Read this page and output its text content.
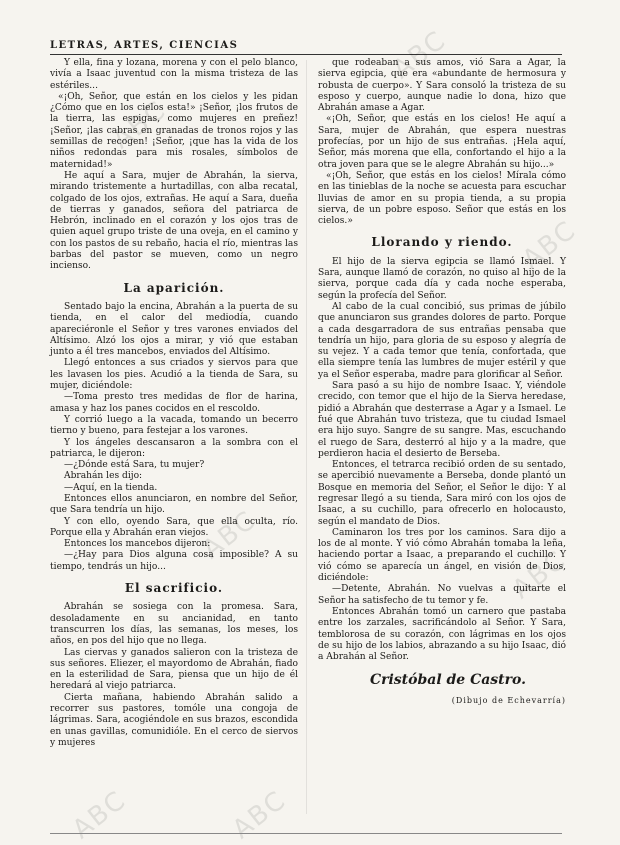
LETRAS, ARTES, CIENCIAS

Y ella, fina y lozana, morena y con el pelo blanco, vivía a Isaac juventud con la misma tristeza de las estériles...

«¡Oh, Señor, que están en los cielos y les pidan ¿Cómo que en los cielos esta!» ¡Señor, ¡los frutos de la tierra, las espigas, como mujeres en preñez! ¡Señor, ¡las cabras en granadas de tronos rojos y las semillas de recogen! ¡Señor, ¡que has la vida de los niños redondas para mis rosales, símbolos de maternidad!»

He aquí a Sara, mujer de Abrahán, la sierva, mirando tristemente a hurtadillas, con alba recatal, colgado de los ojos, extrañas. He aquí a Sara, dueña de tierras y ganados, señora del patriarca de Hebrón, inclinado en el corazón y los ojos tras de quien aquel grupo triste de una oveja, en el camino y con los pastos de su rebaño, hacia el río, mientras las barbas del pastor se mueven, como un negro incienso.

La aparición.

Sentado bajo la encina, Abrahán a la puerta de su tienda, en el calor del mediodía, cuando apareciéronle el Señor y tres varones enviados del Altísimo. Alzó los ojos a mirar, y vió que estaban junto a él tres mancebos, enviados del Altísimo.

Llegó entonces a sus criados y siervos para que les lavasen los pies. Acudió a la tienda de Sara, su mujer, diciéndole:

—Toma presto tres medidas de flor de harina, amasa y haz los panes cocidos en el rescoldo.

Y corrió luego a la vacada, tomando un becerro tierno y bueno, para festejar a los varones.

Y los ángeles descansaron a la sombra con el patriarca, le dijeron:

—¿Dónde está Sara, tu mujer?

Abrahán les dijo:

—Aquí, en la tienda.

Entonces ellos anunciaron, en nombre del Señor, que Sara tendría un hijo.

Y con ello, oyendo Sara, que ella oculta, río. Porque ella y Abrahán eran viejos.

Entonces los mancebos dijeron:

—¿Hay para Dios alguna cosa imposible? A su tiempo, tendrás un hijo...

El sacrificio.

Abrahán se sosiega con la promesa. Sara, desoladamente en su ancianidad, en tanto transcurren los días, las semanas, los meses, los años, en pos del hijo que no llega.

Las ciervas y ganados salieron con la tristeza de sus señores. Eliezer, el mayordomo de Abrahán, fiado en la esterilidad de Sara, piensa que un hijo de él heredará al viejo patriarca.

Cierta mañana, habiendo Abrahán salido a recorrer sus pastores, tomóle una congoja de lágrimas. Sara, acogiéndole en sus brazos, escondida en unas gavillas, comunidióle. En el cerco de siervos y mujeres

que rodeaban a sus amos, vió Sara a Agar, la sierva egipcia, que era «abundante de hermosura y robusta de cuerpo». Y Sara consoló la tristeza de su esposo y cuerpo, aunque nadie lo dona, hizo que Abrahán amase a Agar.

«¡Oh, Señor, que estás en los cielos! He aquí a Sara, mujer de Abrahán, que espera nuestras profecías, por un hijo de sus entrañas. ¡Hela aquí, Señor, más morena que ella, confortando el hijo a la otra joven para que se le alegre Abrahán su hijo...»

«¡Oh, Señor, que estás en los cielos! Mírala cómo en las tinieblas de la noche se acuesta para escuchar lluvias de amor en su propia tienda, a su propia sierva, de un pobre esposo. Señor que estás en los cielos.»

Llorando y riendo.

El hijo de la sierva egipcia se llamó Ismael. Y Sara, aunque llamó de corazón, no quiso al hijo de la sierva, porque cada día y cada noche esperaba, según la profecía del Señor.

Al cabo de la cual concibió, sus primas de júbilo que anunciaron sus grandes dolores de parto. Porque a cada desgarradora de sus entrañas pensaba que tendría un hijo, para gloria de su esposo y alegría de su vejez. Y a cada temor que tenía, confortada, que ella siempre tenía las lumbres de mujer estéril y que ya el Señor esperaba, madre para glorificar al Señor.

Sara pasó a su hijo de nombre Isaac. Y, viéndole crecido, con temor que el hijo de la Sierva heredase, pidió a Abrahán que desterrase a Agar y a Ismael. Le fué que Abrahán tuvo tristeza, que tu ciudad Ismael era hijo suyo. Sangre de su sangre. Mas, escuchando el ruego de Sara, desterró al hijo y a la madre, que perdieron hacia el desierto de Berseba.

Entonces, el tetrarca recibió orden de su sentado, se apercibió nuevamente a Berseba, donde plantó un Bosque en memoria del Señor, el Señor le dijo: Y al regresar llegó a su tienda, Sara miró con los ojos de Isaac, a su cuchillo, para ofrecerlo en holocausto, según el mandato de Dios.

Caminaron los tres por los caminos. Sara dijo a los de al monte. Y vió cómo Abrahán tomaba la leña, haciendo portar a Isaac, a preparando el cuchillo. Y vió cómo se aparecía un ángel, en visión de Dios, diciéndole:

—Detente, Abrahán. No vuelvas a quitarte el Señor ha satisfecho de tu temor y fe.

Entonces Abrahán tomó un carnero que pastaba entre los zarzales, sacrificándolo al Señor. Y Sara, temblorosa de su corazón, con lágrimas en los ojos de su hijo de los labios, abrazando a su hijo Isaac, dió a Abrahán al Señor.

Cristóbal de Castro.
(Dibujo de Echevarría)
ABC
ABC
ABC
ABC
ABC
ABC	ABC
